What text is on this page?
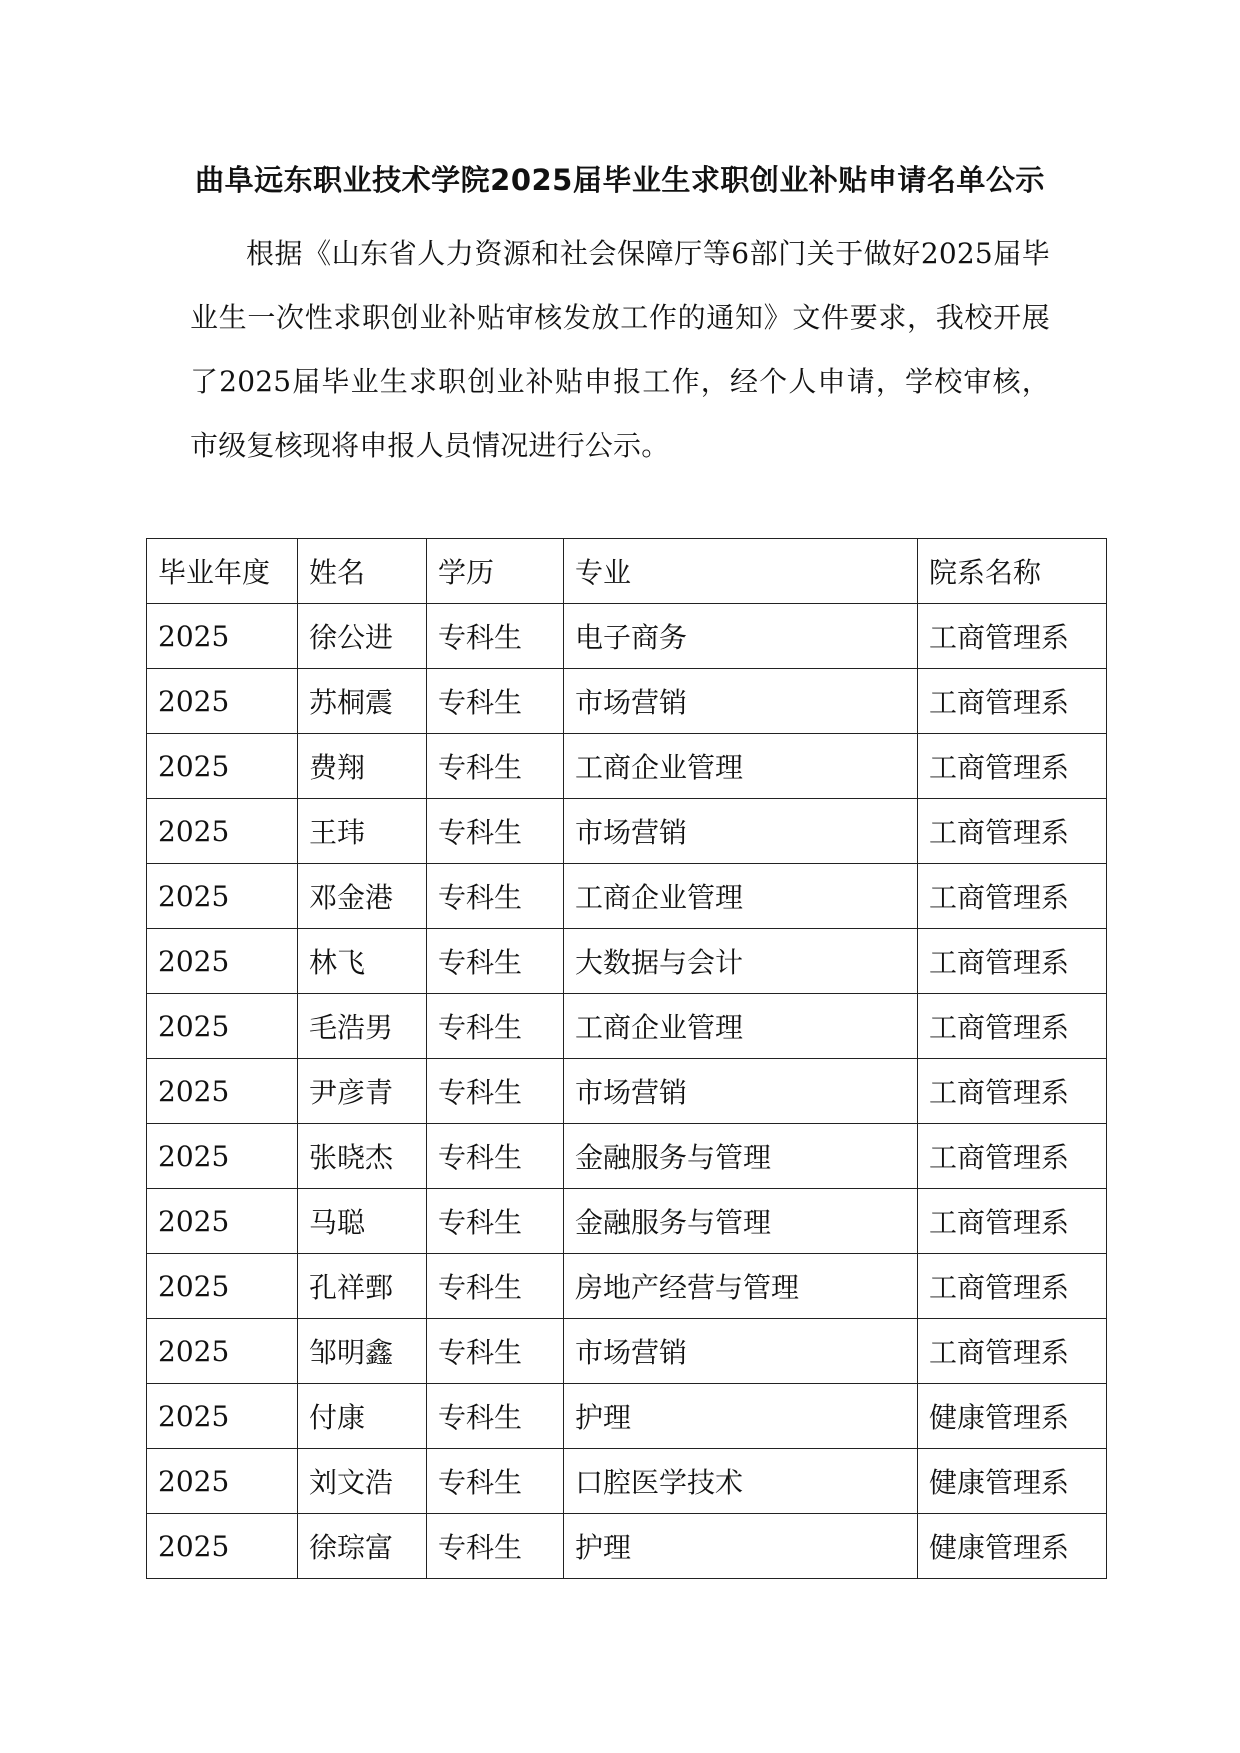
曲阜远东职业技术学院2025届毕业生求职创业补贴申请名单公示

根据《山东省人力资源和社会保障厅等6部门关于做好2025届毕业生一次性求职创业补贴审核发放工作的通知》文件要求，我校开展了2025届毕业生求职创业补贴申报工作，经个人申请，学校审核，市级复核现将申报人员情况进行公示。

毕业年度	姓名	学历	专业	院系名称
2025	徐公进	专科生	电子商务	工商管理系
2025	苏桐震	专科生	市场营销	工商管理系
2025	费翔	专科生	工商企业管理	工商管理系
2025	王玮	专科生	市场营销	工商管理系
2025	邓金港	专科生	工商企业管理	工商管理系
2025	林飞	专科生	大数据与会计	工商管理系
2025	毛浩男	专科生	工商企业管理	工商管理系
2025	尹彦青	专科生	市场营销	工商管理系
2025	张晓杰	专科生	金融服务与管理	工商管理系
2025	马聪	专科生	金融服务与管理	工商管理系
2025	孔祥鄄	专科生	房地产经营与管理	工商管理系
2025	邹明鑫	专科生	市场营销	工商管理系
2025	付康	专科生	护理	健康管理系
2025	刘文浩	专科生	口腔医学技术	健康管理系
2025	徐琮富	专科生	护理	健康管理系
